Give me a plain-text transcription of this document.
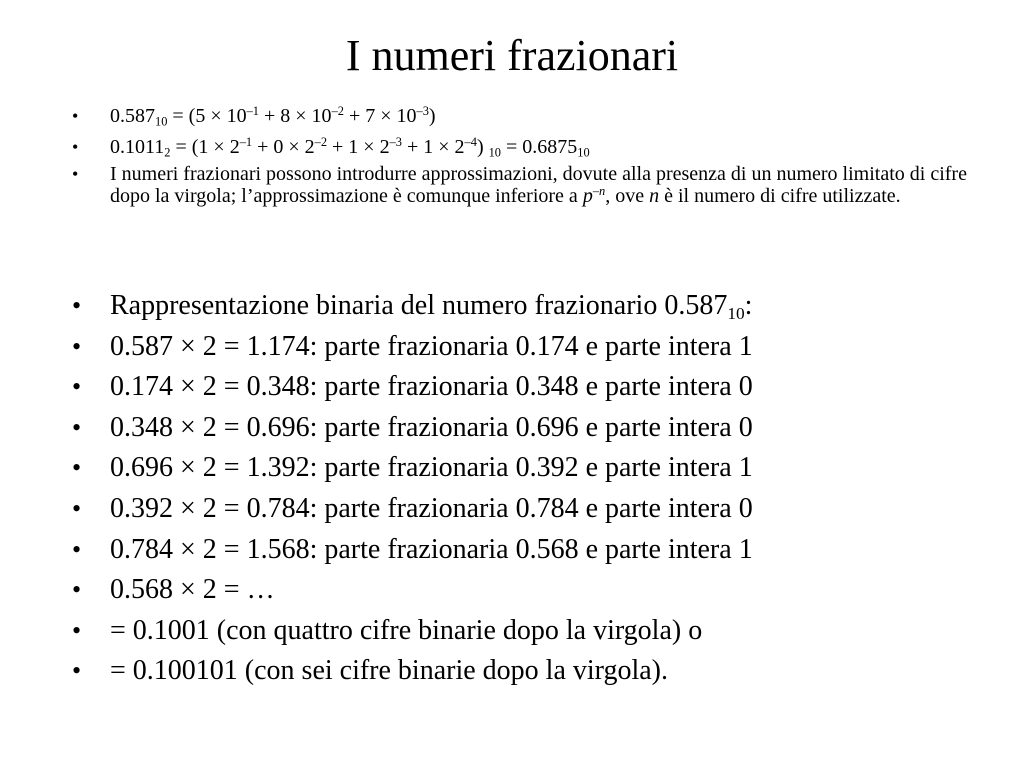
I numeri frazionari
• $0.587_{10} = (5 \times 10^{-1} + 8 \times 10^{-2} + 7 \times 10^{-3})$
• $0.1011_2 = (1 \times 2^{-1} + 0 \times 2^{-2} + 1 \times 2^{-3} + 1 \times 2^{-4}) _{10} = 0.6875_{10}$
• I numeri frazionari possono introdurre approssimazioni, dovute alla presenza di un numero limitato di cifre dopo la virgola; l’approssimazione è comunque inferiore a $p^{-n}$, ove n è il numero di cifre utilizzate.
• Rappresentazione binaria del numero frazionario $0.587_{10}$:
• 0.587 × 2 = 1.174: parte frazionaria 0.174 e parte intera 1
• 0.174 × 2 = 0.348: parte frazionaria 0.348 e parte intera 0
• 0.348 × 2 = 0.696: parte frazionaria 0.696 e parte intera 0
• 0.696 × 2 = 1.392: parte frazionaria 0.392 e parte intera 1
• 0.392 × 2 = 0.784: parte frazionaria 0.784 e parte intera 0
• 0.784 × 2 = 1.568: parte frazionaria 0.568 e parte intera 1
• 0.568 × 2 = …
• = 0.1001 (con quattro cifre binarie dopo la virgola) o
• = 0.100101 (con sei cifre binarie dopo la virgola).
